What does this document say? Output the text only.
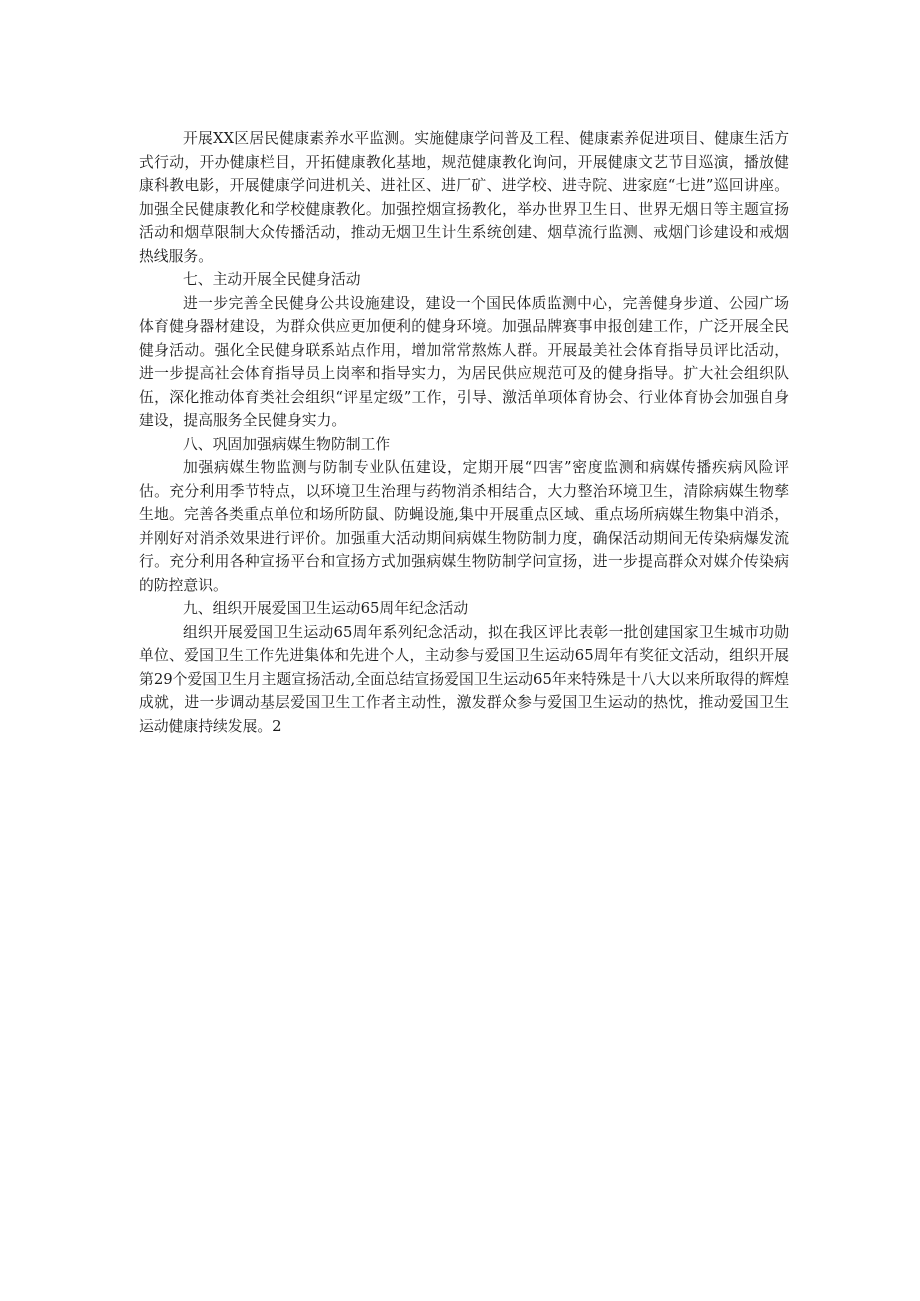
开展XX区居民健康素养水平监测。实施健康学问普及工程、健康素养促进项目、健康生活方式行动，开办健康栏目，开拓健康教化基地，规范健康教化询问，开展健康文艺节目巡演，播放健康科教电影，开展健康学问进机关、进社区、进厂矿、进学校、进寺院、进家庭“七进”巡回讲座。加强全民健康教化和学校健康教化。加强控烟宣扬教化，举办世界卫生日、世界无烟日等主题宣扬活动和烟草限制大众传播活动，推动无烟卫生计生系统创建、烟草流行监测、戒烟门诊建设和戒烟热线服务。

七、主动开展全民健身活动

进一步完善全民健身公共设施建设，建设一个国民体质监测中心，完善健身步道、公园广场体育健身器材建设，为群众供应更加便利的健身环境。加强品牌赛事申报创建工作，广泛开展全民健身活动。强化全民健身联系站点作用，增加常常熬炼人群。开展最美社会体育指导员评比活动，进一步提高社会体育指导员上岗率和指导实力，为居民供应规范可及的健身指导。扩大社会组织队伍，深化推动体育类社会组织“评星定级”工作，引导、激活单项体育协会、行业体育协会加强自身建设，提高服务全民健身实力。

八、巩固加强病媒生物防制工作

加强病媒生物监测与防制专业队伍建设，定期开展“四害”密度监测和病媒传播疾病风险评估。充分利用季节特点，以环境卫生治理与药物消杀相结合，大力整治环境卫生，清除病媒生物孳生地。完善各类重点单位和场所防鼠、防蝇设施,集中开展重点区域、重点场所病媒生物集中消杀，并刚好对消杀效果进行评价。加强重大活动期间病媒生物防制力度，确保活动期间无传染病爆发流行。充分利用各种宣扬平台和宣扬方式加强病媒生物防制学问宣扬，进一步提高群众对媒介传染病的防控意识。

九、组织开展爱国卫生运动65周年纪念活动

组织开展爱国卫生运动65周年系列纪念活动，拟在我区评比表彰一批创建国家卫生城市功勋单位、爱国卫生工作先进集体和先进个人，主动参与爱国卫生运动65周年有奖征文活动，组织开展第29个爱国卫生月主题宣扬活动,全面总结宣扬爱国卫生运动65年来特殊是十八大以来所取得的辉煌成就，进一步调动基层爱国卫生工作者主动性，激发群众参与爱国卫生运动的热忱，推动爱国卫生运动健康持续发展。2
